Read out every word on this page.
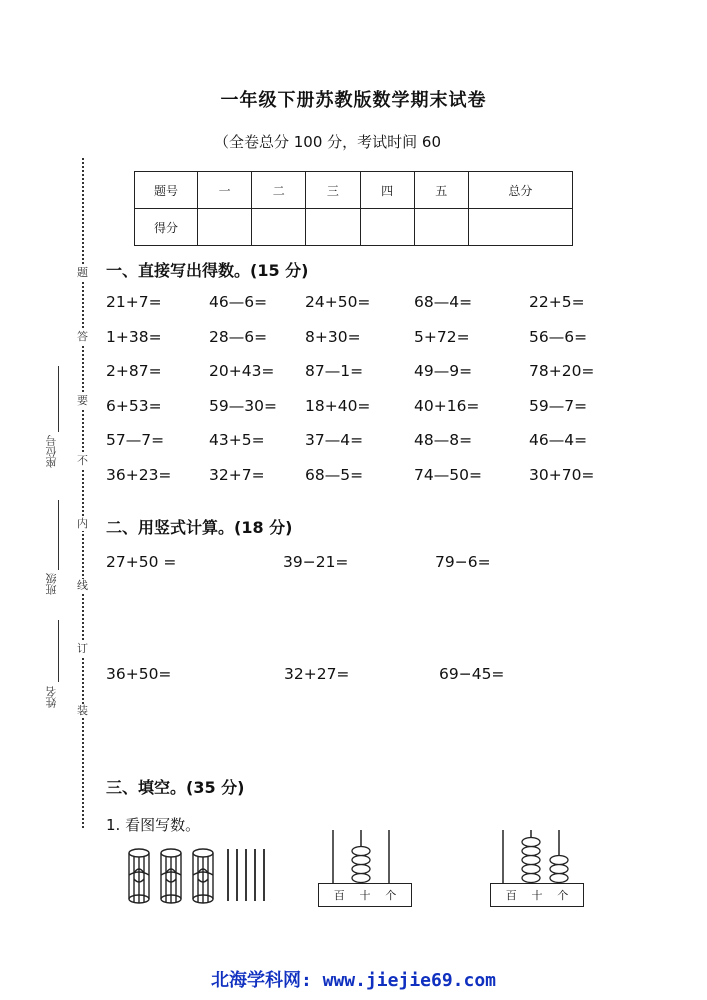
一年级下册苏教版数学期末试卷
（全卷总分 100 分，考试时间 60
题号	一	二	三	四	五	总分
得分						
题
答
要
不
内
线
订
装
座位号
班级
姓名
一、直接写出得数。(15 分)
21+7=	46—6= 24+50=	68—4=	22+5=
1+38=	28—6= 8+30=	5+72=	56—6=
2+87=	20+43= 87—1=	49—9=	78+20=
6+53=	59—30= 18+40=	40+16=	59—7=
57—7=	43+5=	37—4=	48—8=	46—4=
36+23= 32+7=	68—5=	74—50=	30+70=
二、用竖式计算。(18 分)
27+50 =	39−21=	79−6=
36+50=	32+27=	69−45=
三、填空。(35 分)
1. 看图写数。
百 十 个	百 十 个
北海学科网: www.jiejie69.com
